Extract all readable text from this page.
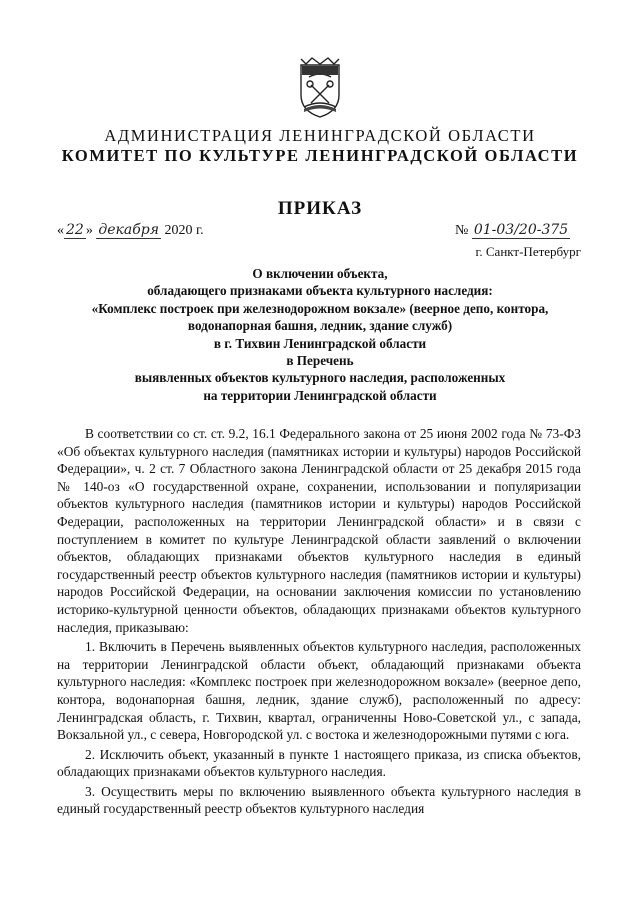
АДМИНИСТРАЦИЯ ЛЕНИНГРАДСКОЙ ОБЛАСТИ
КОМИТЕТ ПО КУЛЬТУРЕ ЛЕНИНГРАДСКОЙ ОБЛАСТИ
ПРИКАЗ
« 22 » декабря 2020 г.	№ 01-03/20-375
г. Санкт-Петербург
О включении объекта,
обладающего признаками объекта культурного наследия:
«Комплекс построек при железнодорожном вокзале» (веерное депо, контора,
водонапорная башня, ледник, здание служб)
в г. Тихвин Ленинградской области
в Перечень
выявленных объектов культурного наследия, расположенных
на территории Ленинградской области

В соответствии со ст. ст. 9.2, 16.1 Федерального закона от 25 июня 2002 года № 73-ФЗ «Об объектах культурного наследия (памятниках истории и культуры) народов Российской Федерации», ч. 2 ст. 7 Областного закона Ленинградской области от 25 декабря 2015 года № 140-оз «О государственной охране, сохранении, использовании и популяризации объектов культурного наследия (памятников истории и культуры) народов Российской Федерации, расположенных на территории Ленинградской области» и в связи с поступлением в комитет по культуре Ленинградской области заявлений о включении объектов, обладающих признаками объектов культурного наследия в единый государственный реестр объектов культурного наследия (памятников истории и культуры) народов Российской Федерации, на основании заключения комиссии по установлению историко-культурной ценности объектов, обладающих признаками объектов культурного наследия, приказываю:

1. Включить в Перечень выявленных объектов культурного наследия, расположенных на территории Ленинградской области объект, обладающий признаками объекта культурного наследия: «Комплекс построек при железнодорожном вокзале» (веерное депо, контора, водонапорная башня, ледник, здание служб), расположенный по адресу: Ленинградская область, г. Тихвин, квартал, ограниченны Ново-Советской ул., с запада, Вокзальной ул., с севера, Новгородской ул. с востока и железнодорожными путями с юга.

2. Исключить объект, указанный в пункте 1 настоящего приказа, из списка объектов, обладающих признаками объектов культурного наследия.

3. Осуществить меры по включению выявленного объекта культурного наследия в единый государственный реестр объектов культурного наследия
